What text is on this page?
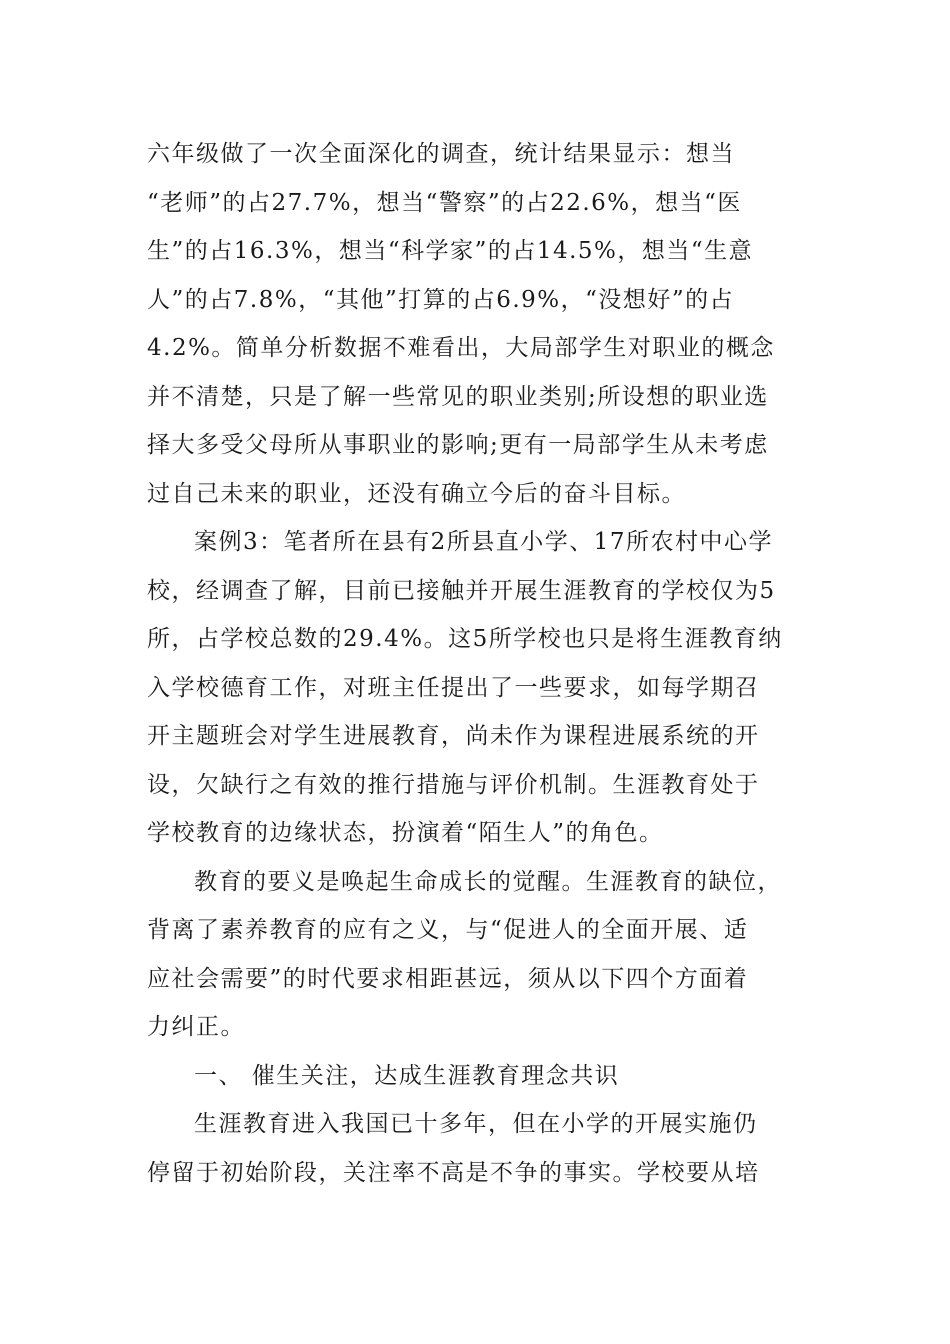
六年级做了一次全面深化的调查，统计结果显示：想当
“老师”的占27.7%，想当“警察”的占22.6%，想当“医
生”的占16.3%，想当“科学家”的占14.5%，想当“生意
人”的占7.8%，“其他”打算的占6.9%，“没想好”的占
4.2%。简单分析数据不难看出，大局部学生对职业的概念
并不清楚，只是了解一些常见的职业类别;所设想的职业选
择大多受父母所从事职业的影响;更有一局部学生从未考虑
过自己未来的职业，还没有确立今后的奋斗目标。
案例3：笔者所在县有2所县直小学、17所农村中心学
校，经调查了解，目前已接触并开展生涯教育的学校仅为5
所，占学校总数的29.4%。这5所学校也只是将生涯教育纳
入学校德育工作，对班主任提出了一些要求，如每学期召
开主题班会对学生进展教育，尚未作为课程进展系统的开
设，欠缺行之有效的推行措施与评价机制。生涯教育处于
学校教育的边缘状态，扮演着“陌生人”的角色。
教育的要义是唤起生命成长的觉醒。生涯教育的缺位，
背离了素养教育的应有之义，与“促进人的全面开展、适
应社会需要”的时代要求相距甚远，须从以下四个方面着
力纠正。
一、 催生关注，达成生涯教育理念共识
生涯教育进入我国已十多年，但在小学的开展实施仍
停留于初始阶段，关注率不高是不争的事实。学校要从培
